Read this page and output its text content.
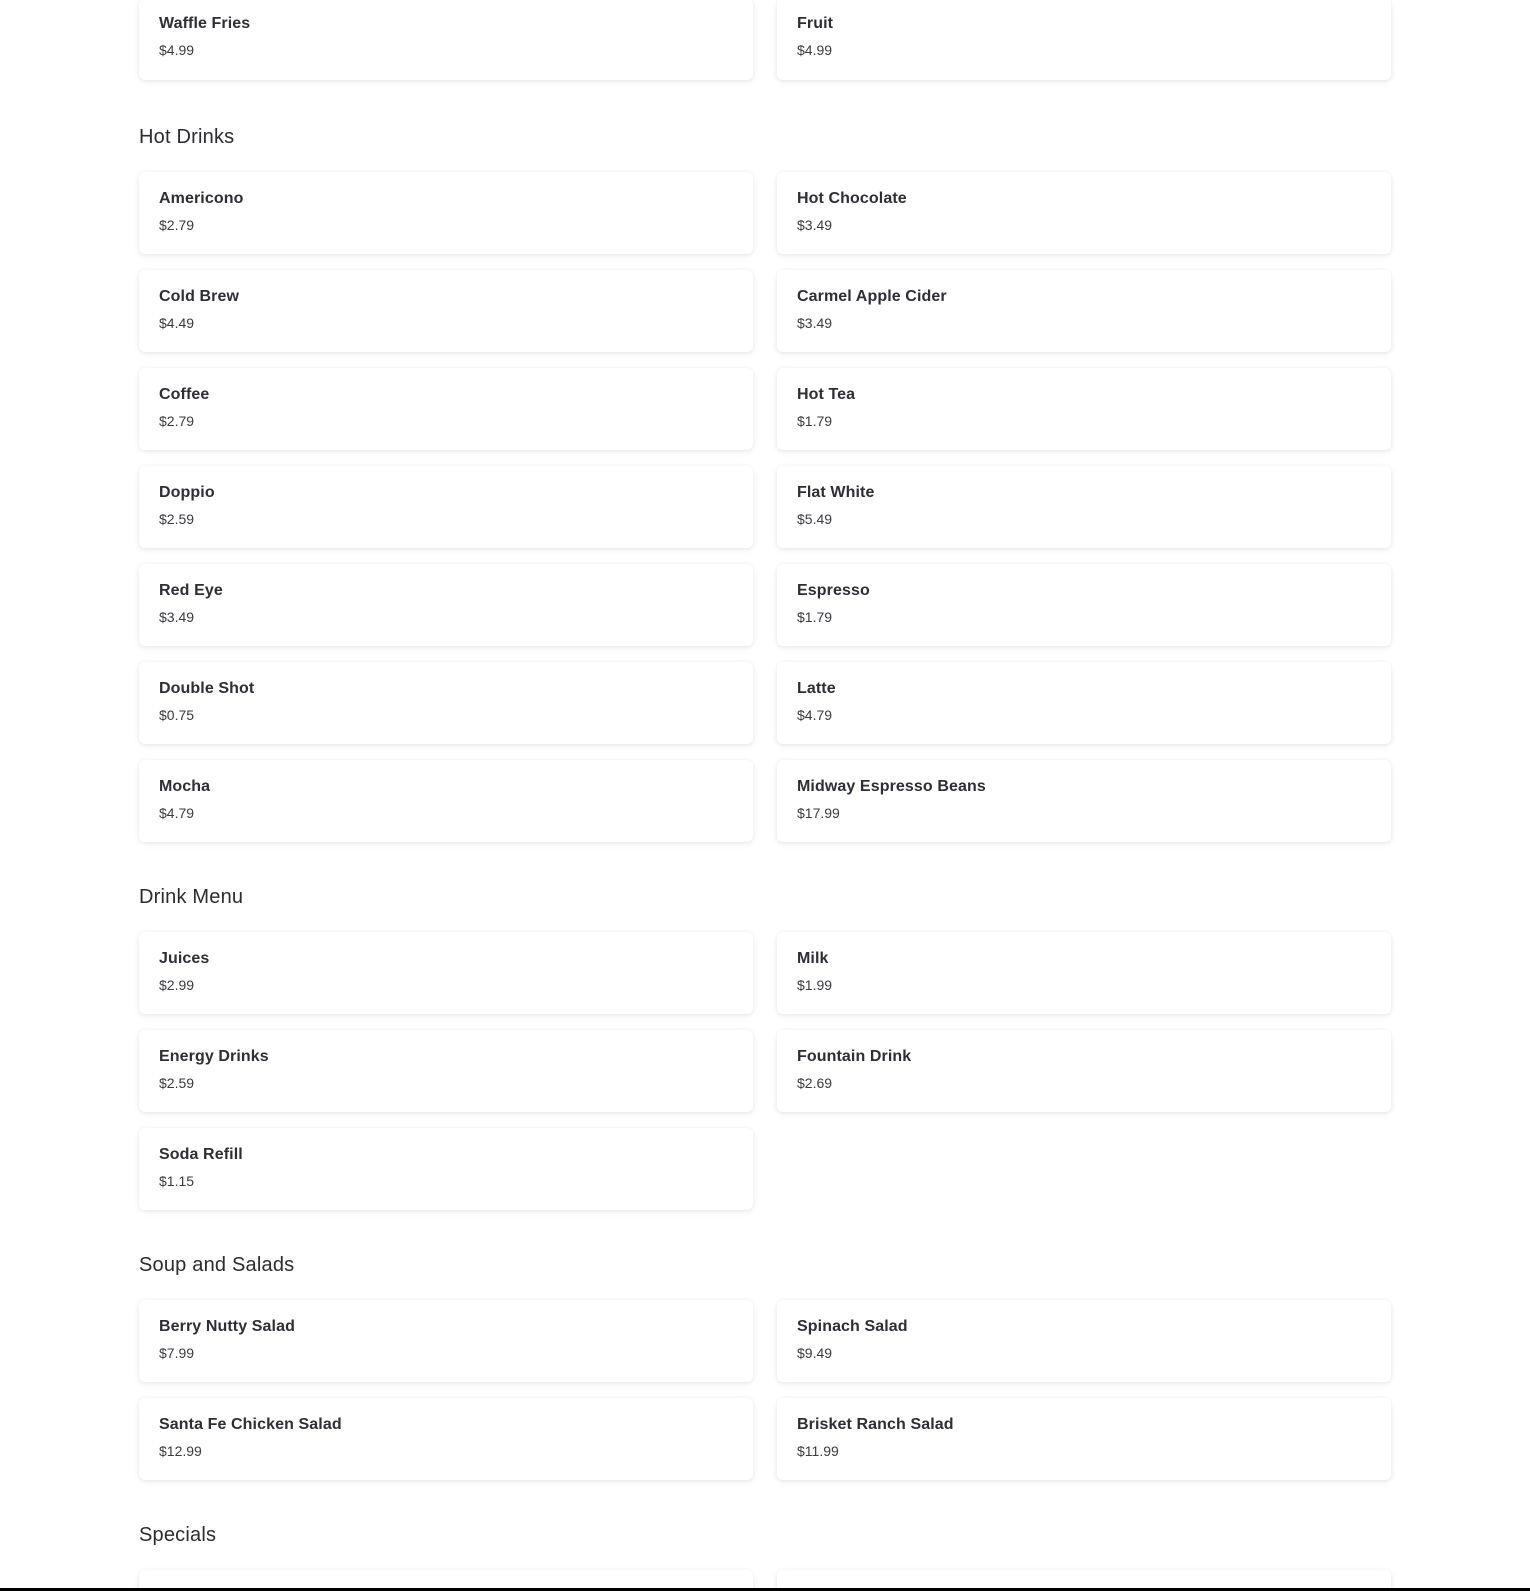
Waffle Fries
$4.99
Fruit
$4.99
Hot Drinks
Americono
$2.79
Hot Chocolate
$3.49
Cold Brew
$4.49
Carmel Apple Cider
$3.49
Coffee
$2.79
Hot Tea
$1.79
Doppio
$2.59
Flat White
$5.49
Red Eye
$3.49
Espresso
$1.79
Double Shot
$0.75
Latte
$4.79
Mocha
$4.79
Midway Espresso Beans
$17.99
Drink Menu
Juices
$2.99
Milk
$1.99
Energy Drinks
$2.59
Fountain Drink
$2.69
Soda Refill
$1.15
Soup and Salads
Berry Nutty Salad
$7.99
Spinach Salad
$9.49
Santa Fe Chicken Salad
$12.99
Brisket Ranch Salad
$11.99
Specials
